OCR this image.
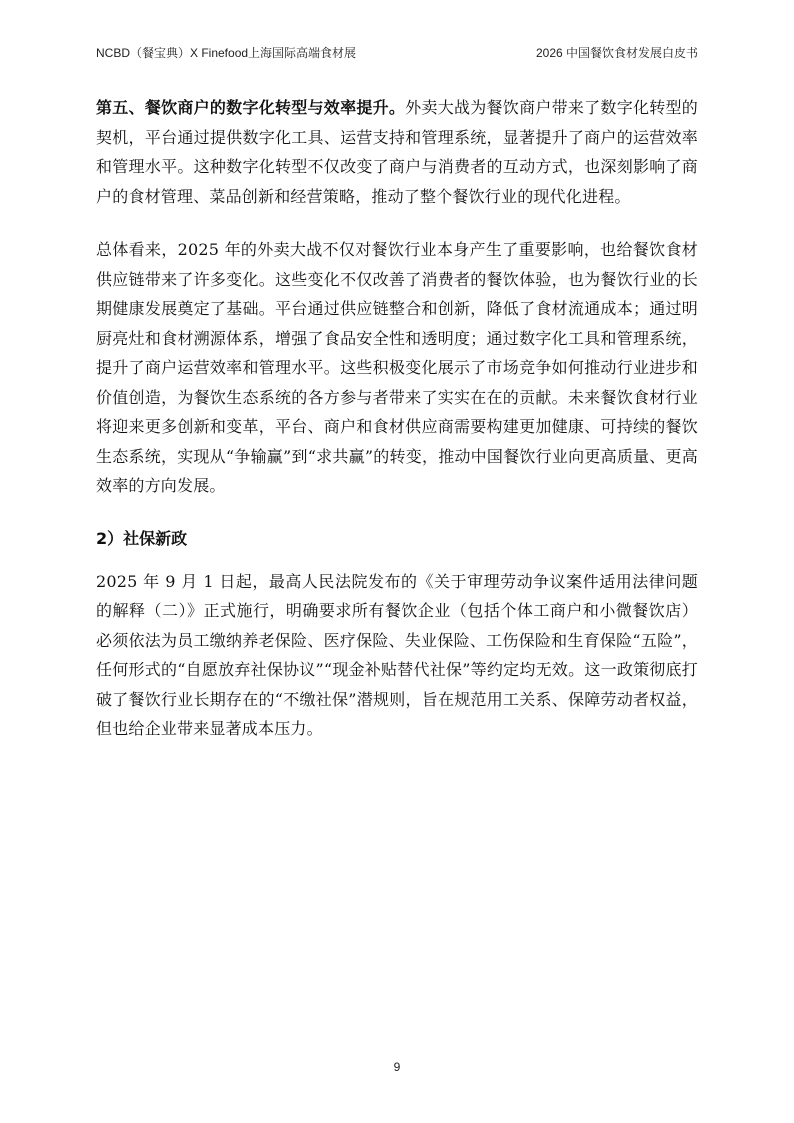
NCBD（餐宝典）X Finefood上海国际高端食材展	2026 中国餐饮食材发展白皮书

第五、餐饮商户的数字化转型与效率提升。外卖大战为餐饮商户带来了数字化转型的契机，平台通过提供数字化工具、运营支持和管理系统，显著提升了商户的运营效率和管理水平。这种数字化转型不仅改变了商户与消费者的互动方式，也深刻影响了商户的食材管理、菜品创新和经营策略，推动了整个餐饮行业的现代化进程。

总体看来，2025 年的外卖大战不仅对餐饮行业本身产生了重要影响，也给餐饮食材供应链带来了许多变化。这些变化不仅改善了消费者的餐饮体验，也为餐饮行业的长期健康发展奠定了基础。平台通过供应链整合和创新，降低了食材流通成本；通过明厨亮灶和食材溯源体系，增强了食品安全性和透明度；通过数字化工具和管理系统，提升了商户运营效率和管理水平。这些积极变化展示了市场竞争如何推动行业进步和价值创造，为餐饮生态系统的各方参与者带来了实实在在的贡献。未来餐饮食材行业将迎来更多创新和变革，平台、商户和食材供应商需要构建更加健康、可持续的餐饮生态系统，实现从“争输赢”到“求共赢”的转变，推动中国餐饮行业向更高质量、更高效率的方向发展。

2）社保新政

2025 年 9 月 1 日起，最高人民法院发布的《关于审理劳动争议案件适用法律问题的解释（二）》正式施行，明确要求所有餐饮企业（包括个体工商户和小微餐饮店）必须依法为员工缴纳养老保险、医疗保险、失业保险、工伤保险和生育保险“五险”，任何形式的“自愿放弃社保协议”“现金补贴替代社保”等约定均无效。这一政策彻底打破了餐饮行业长期存在的“不缴社保”潜规则，旨在规范用工关系、保障劳动者权益，但也给企业带来显著成本压力。

9
